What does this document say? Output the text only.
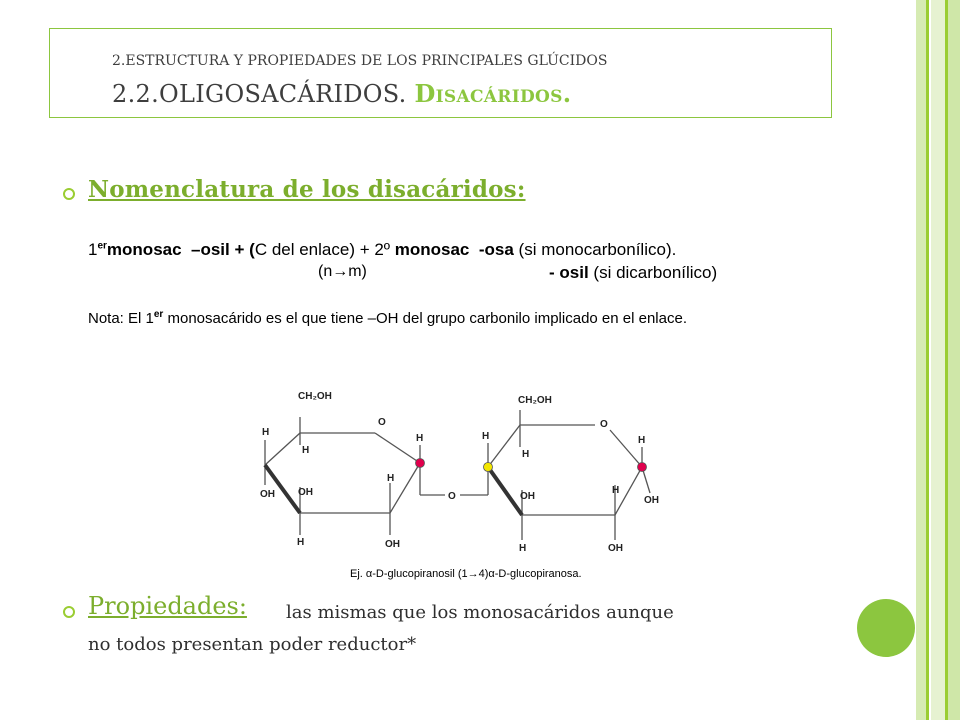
2.ESTRUCTURA Y PROPIEDADES DE LOS PRINCIPALES GLÚCIDOS
2.2.OLIGOSACÁRIDOS. Disacáridos.
Nomenclatura de los disacáridos:
1ermonosac –osil + (C del enlace) + 2º monosac -osa (si monocarbonílico).
(n→m)	- osil (si dicarbonílico)
Nota: El 1er monosacárido es el que tiene –OH del grupo carbonilo implicado en el enlace.
CH₂OH
O
H
H
H
OH OH
H
H	OH
O
CH₂OH
O
H
H
H
OH
H
OH
H	OH
Ej. α-D-glucopiranosil (1→4)α-D-glucopiranosa.
Propiedades: las mismas que los monosacáridos aunque
no todos presentan poder reductor*
